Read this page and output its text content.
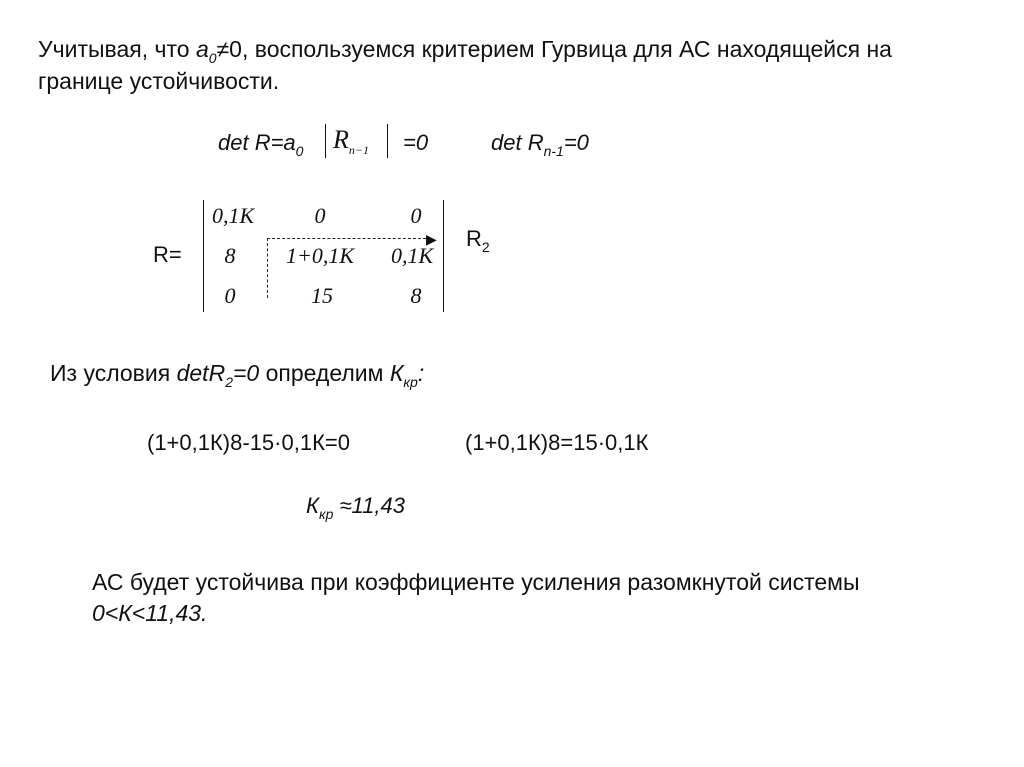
Учитывая, что $a_0\ne 0$, воспользуемся критерием Гурвица для АС находящейся на
границе устойчивости.
$\det R=a_0$ $R_{n-1} =0$	$\det R_{n-1}=0$
R=
0,1К	0	0
8	1+0,1К	0,1К
0	15	8
▶ $R_2$
Из условия detR$_2$=0 определим $К_{кр}$:
(1+0,1К)8-15·0,1К=0	(1+0,1К)8=15·0,1К
$К_{кр} \approx 11,43$
АС будет устойчива при коэффициенте усиления разомкнутой системы
0<К<11,43.
